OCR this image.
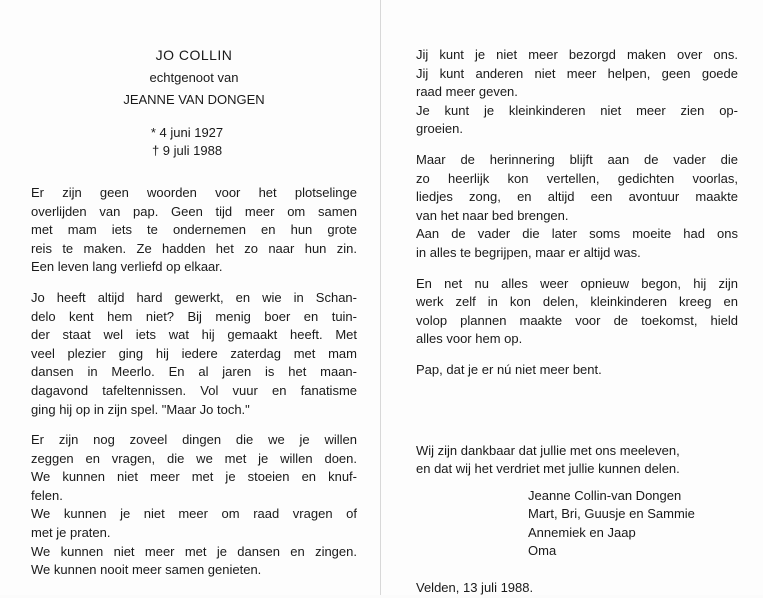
JO COLLIN
echtgenoot van
JEANNE VAN DONGEN
* 4 juni 1927
† 9 juli 1988
Er zijn geen woorden voor het plotselinge
overlijden van pap. Geen tijd meer om samen
met mam iets te ondernemen en hun grote
reis te maken. Ze hadden het zo naar hun zin.
Een leven lang verliefd op elkaar.
Jo heeft altijd hard gewerkt, en wie in Schan-
delo kent hem niet? Bij menig boer en tuin-
der staat wel iets wat hij gemaakt heeft. Met
veel plezier ging hij iedere zaterdag met mam
dansen in Meerlo. En al jaren is het maan-
dagavond tafeltennissen. Vol vuur en fanatisme
ging hij op in zijn spel. "Maar Jo toch."
Er zijn nog zoveel dingen die we je willen
zeggen en vragen, die we met je willen doen.
We kunnen niet meer met je stoeien en knuf-
felen.
We kunnen je niet meer om raad vragen of
met je praten.
We kunnen niet meer met je dansen en zingen.
We kunnen nooit meer samen genieten.
Jij kunt je niet meer bezorgd maken over ons.
Jij kunt anderen niet meer helpen, geen goede
raad meer geven.
Je kunt je kleinkinderen niet meer zien op-
groeien.
Maar de herinnering blijft aan de vader die
zo heerlijk kon vertellen, gedichten voorlas,
liedjes zong, en altijd een avontuur maakte
van het naar bed brengen.
Aan de vader die later soms moeite had ons
in alles te begrijpen, maar er altijd was.
En net nu alles weer opnieuw begon, hij zijn
werk zelf in kon delen, kleinkinderen kreeg en
volop plannen maakte voor de toekomst, hield
alles voor hem op.
Pap, dat je er nú niet meer bent.
Wij zijn dankbaar dat jullie met ons meeleven,
en dat wij het verdriet met jullie kunnen delen.
Jeanne Collin-van Dongen
Mart, Bri, Guusje en Sammie
Annemiek en Jaap
Oma
Velden, 13 juli 1988.
